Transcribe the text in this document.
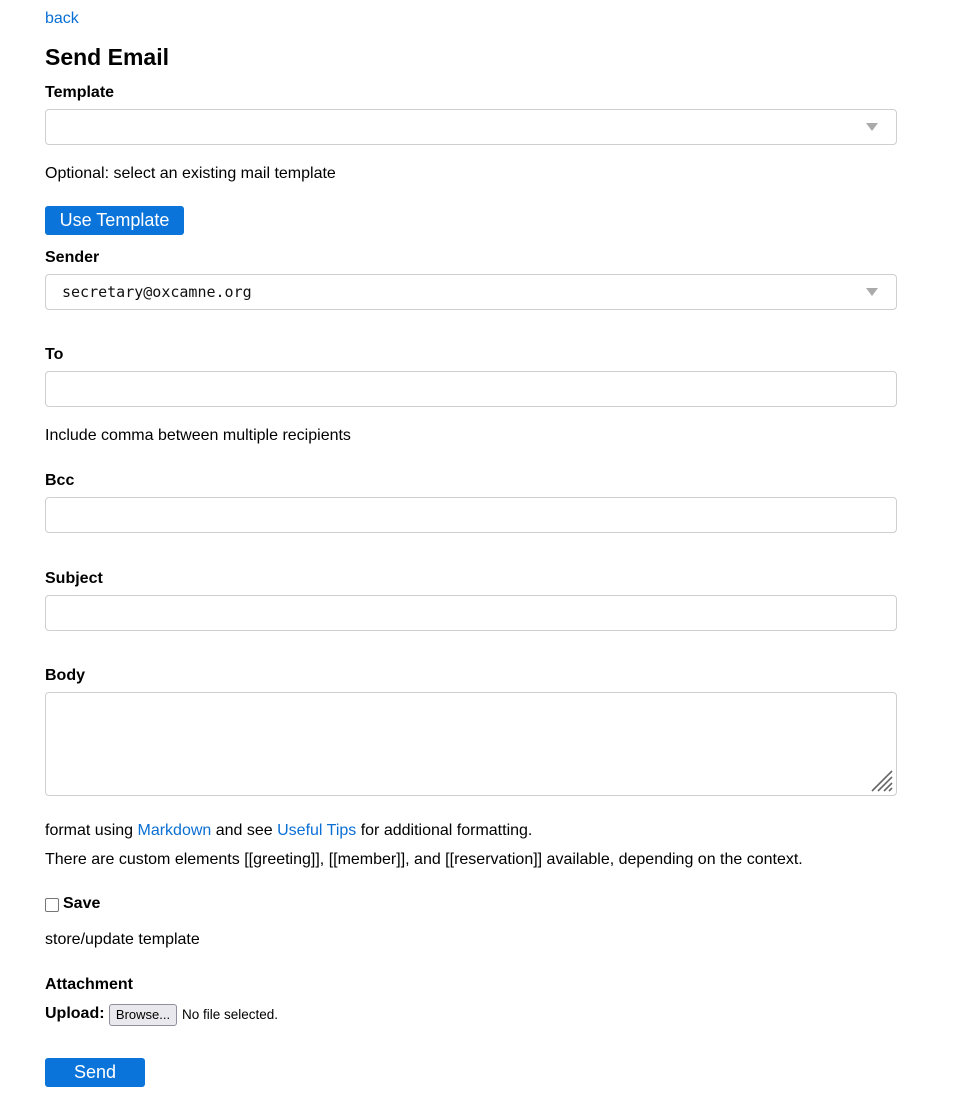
back
Send Email
Template
Optional: select an existing mail template
Use Template
Sender
secretary@oxcamne.org
To
Include comma between multiple recipients
Bcc
Subject
Body
format using Markdown and see Useful Tips for additional formatting.
There are custom elements [[greeting]], [[member]], and [[reservation]] available, depending on the context.
Save
store/update template
Attachment
Upload: Browse... No file selected.
Send
